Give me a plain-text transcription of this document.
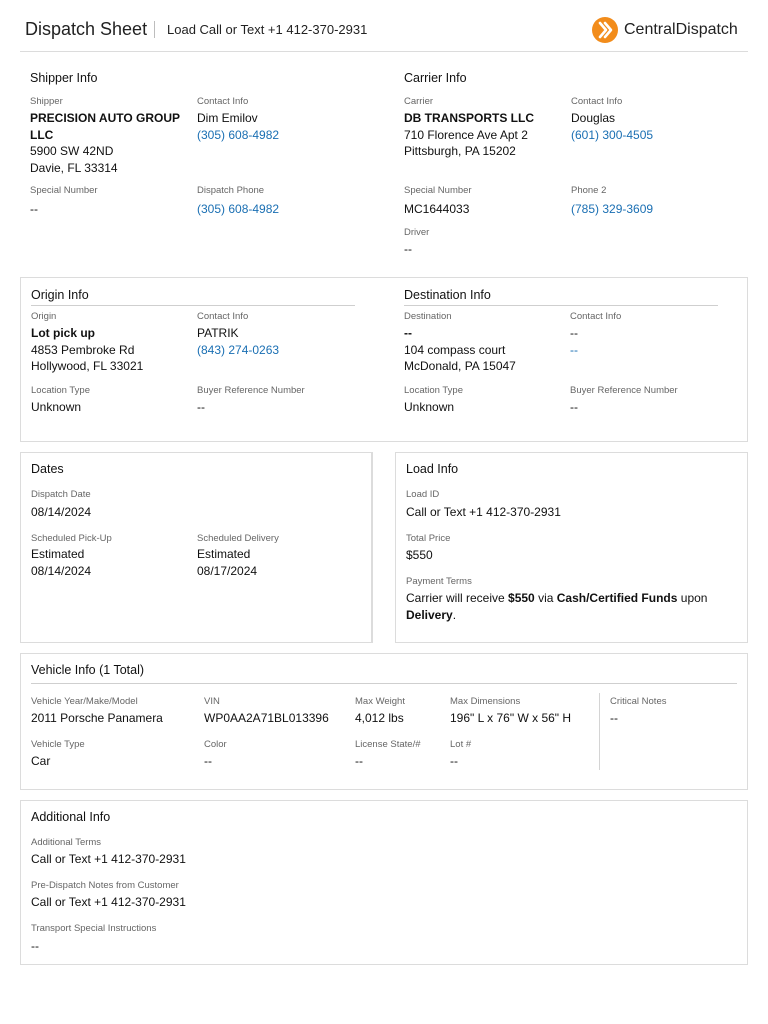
Dispatch Sheet Load Call or Text +1 412-370-2931	CentralDispatch
Shipper Info
Shipper
PRECISION AUTO GROUP
LLC
5900 SW 42ND
Davie, FL 33314
Contact Info
Dim Emilov
(305) 608-4982
Special Number
--
Dispatch Phone
(305) 608-4982
Carrier Info
Carrier
DB TRANSPORTS LLC
710 Florence Ave Apt 2
Pittsburgh, PA 15202
Contact Info
Douglas
(601) 300-4505
Special Number
MC1644033
Phone 2
(785) 329-3609
Driver
--
Origin Info
Origin
Lot pick up
4853 Pembroke Rd
Hollywood, FL 33021
Contact Info
PATRIK
(843) 274-0263
Location Type
Unknown
Buyer Reference Number
--
Destination Info
Destination
--
104 compass court
McDonald, PA 15047
Contact Info
--
--
Location Type
Unknown
Buyer Reference Number
--
Dates
Dispatch Date
08/14/2024
Scheduled Pick-Up
Estimated
08/14/2024
Scheduled Delivery
Estimated
08/17/2024
Load Info
Load ID
Call or Text +1 412-370-2931
Total Price
$550
Payment Terms
Carrier will receive $550 via Cash/Certified Funds upon
Delivery.
Vehicle Info (1 Total)
Vehicle Year/Make/Model
2011 Porsche Panamera
VIN
WP0AA2A71BL013396
Max Weight
4,012 lbs
Max Dimensions
196" L x 76" W x 56" H
Critical Notes
--
Vehicle Type
Car
Color
--
License State/#
--
Lot #
--
Additional Info
Additional Terms
Call or Text +1 412-370-2931
Pre-Dispatch Notes from Customer
Call or Text +1 412-370-2931
Transport Special Instructions
--
